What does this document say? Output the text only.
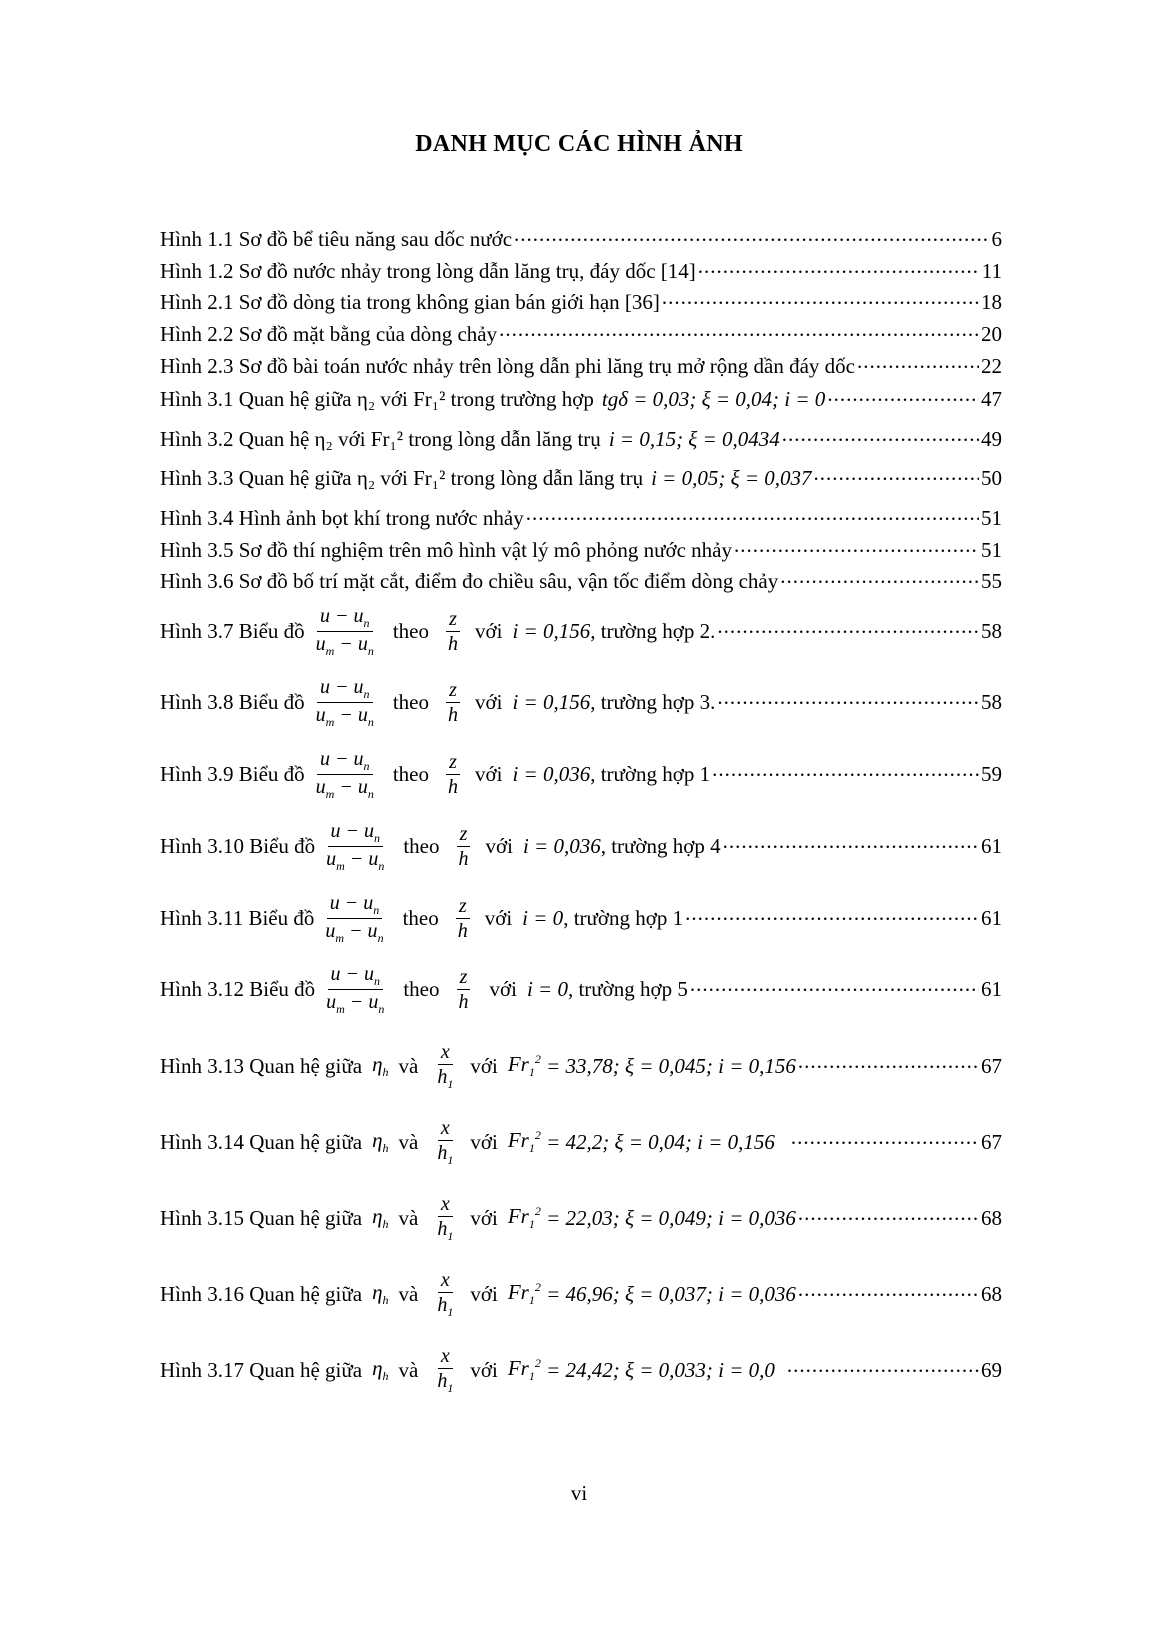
DANH MỤC CÁC HÌNH ẢNH
Hình 1.1 Sơ đồ bể tiêu năng sau dốc nước .....	6
Hình 1.2 Sơ đồ nước nhảy trong lòng dẫn lăng trụ, đáy dốc [14] .....	11
Hình 2.1 Sơ đồ dòng tia trong không gian bán giới hạn [36] .....	18
Hình 2.2 Sơ đồ mặt bằng của dòng chảy .....	20
Hình 2.3 Sơ đồ bài toán nước nhảy trên lòng dẫn phi lăng trụ mở rộng dần đáy dốc .....	22
Hình 3.1 Quan hệ giữa η₂ với Fr₁² trong trường hợp tgδ = 0,03; ξ = 0,04; i = 0 .....	47
Hình 3.2 Quan hệ η₂ với Fr₁² trong lòng dẫn lăng trụ i = 0,15; ξ = 0,0434 .....	49
Hình 3.3 Quan hệ giữa η₂ với Fr₁² trong lòng dẫn lăng trụ i = 0,05; ξ = 0,037 .....	50
Hình 3.4 Hình ảnh bọt khí trong nước nhảy .....	51
Hình 3.5 Sơ đồ thí nghiệm trên mô hình vật lý mô phỏng nước nhảy .....	51
Hình 3.6 Sơ đồ bố trí mặt cắt, điểm đo chiều sâu, vận tốc điểm dòng chảy .....	55
Hình 3.7 Biểu đồ $\frac{u - u_n}{u_m - u_n}$ theo $\frac{z}{h}$ với i = 0,156 , trường hợp 2. .....	58
Hình 3.8 Biểu đồ $\frac{u - u_n}{u_m - u_n}$ theo $\frac{z}{h}$ với i = 0,156 , trường hợp 3. .....	58
Hình 3.9 Biểu đồ $\frac{u - u_n}{u_m - u_n}$ theo $\frac{z}{h}$ với i = 0,036 , trường hợp 1 .....	59
Hình 3.10 Biểu đồ $\frac{u - u_n}{u_m - u_n}$ theo $\frac{z}{h}$ với i = 0,036 , trường hợp 4 .....	61
Hình 3.11 Biểu đồ $\frac{u - u_n}{u_m - u_n}$ theo $\frac{z}{h}$ với i = 0 , trường hợp 1 .....	61
Hình 3.12 Biểu đồ $\frac{u - u_n}{u_m - u_n}$ theo $\frac{z}{h}$ với i = 0 , trường hợp 5 .....	61
Hình 3.13 Quan hệ giữa $\eta_h$ và $\frac{x}{h_1}$ với $Fr_1^2 = 33,78$; ξ = 0,045; i = 0,156 .....	67
Hình 3.14 Quan hệ giữa $\eta_h$ và $\frac{x}{h_1}$ với $Fr_1^2 = 42,2$; ξ = 0,04; i = 0,156 .....	67
Hình 3.15 Quan hệ giữa $\eta_h$ và $\frac{x}{h_1}$ với $Fr_1^2 = 22,03$; ξ = 0,049; i = 0,036 .....	68
Hình 3.16 Quan hệ giữa $\eta_h$ và $\frac{x}{h_1}$ với $Fr_1^2 = 46,96$; ξ = 0,037; i = 0,036 .....	68
Hình 3.17 Quan hệ giữa $\eta_h$ và $\frac{x}{h_1}$ với $Fr_1^2 = 24,42$; ξ = 0,033; i = 0,0 .....	69
vi
